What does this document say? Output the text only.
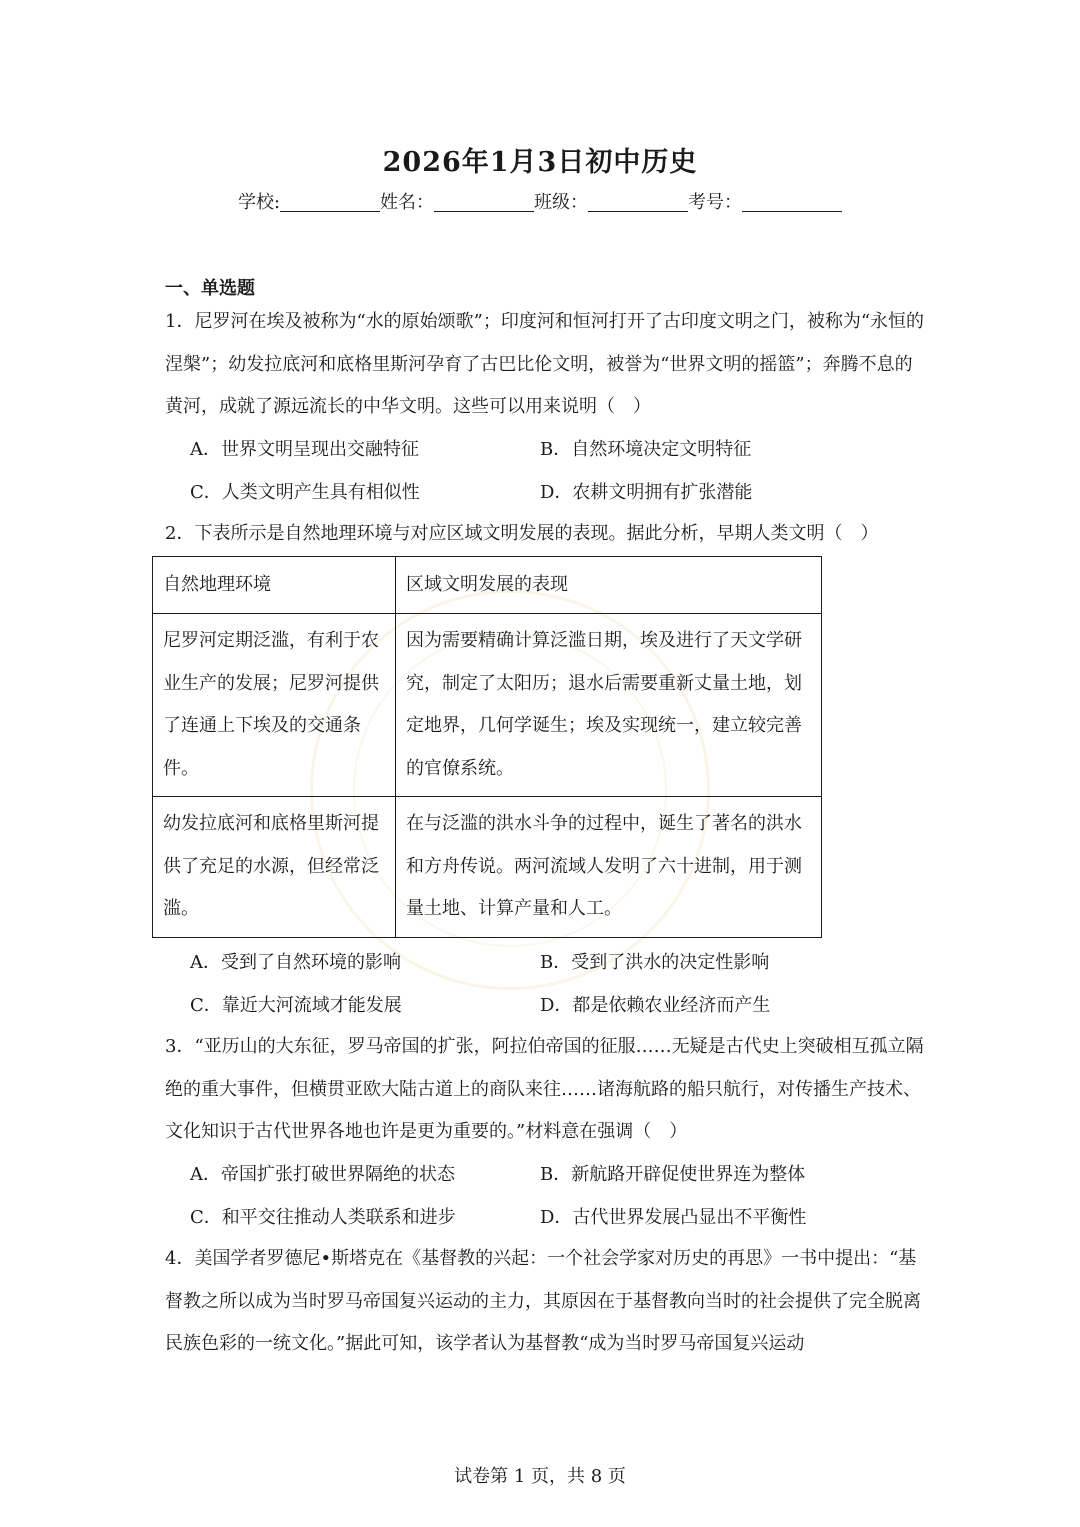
2026年1月3日初中历史
学校:	姓名：	班级：	考号：
一、单选题
1．尼罗河在埃及被称为“水的原始颂歌”；印度河和恒河打开了古印度文明之门，被称为“永恒的涅槃”；幼发拉底河和底格里斯河孕育了古巴比伦文明，被誉为“世界文明的摇篮”；奔腾不息的黄河，成就了源远流长的中华文明。这些可以用来说明（　）
A．世界文明呈现出交融特征	B．自然环境决定文明特征
C．人类文明产生具有相似性	D．农耕文明拥有扩张潜能
2．下表所示是自然地理环境与对应区域文明发展的表现。据此分析，早期人类文明（　）
自然地理环境	区域文明发展的表现
尼罗河定期泛滥，有利于农业生产的发展；尼罗河提供了连通上下埃及的交通条件。	因为需要精确计算泛滥日期，埃及进行了天文学研究，制定了太阳历；退水后需要重新丈量土地，划定地界，几何学诞生；埃及实现统一，建立较完善的官僚系统。
幼发拉底河和底格里斯河提供了充足的水源，但经常泛滥。	在与泛滥的洪水斗争的过程中，诞生了著名的洪水和方舟传说。两河流域人发明了六十进制，用于测量土地、计算产量和人工。
A．受到了自然环境的影响	B．受到了洪水的决定性影响
C．靠近大河流域才能发展	D．都是依赖农业经济而产生
3．“亚历山的大东征，罗马帝国的扩张，阿拉伯帝国的征服……无疑是古代史上突破相互孤立隔绝的重大事件，但横贯亚欧大陆古道上的商队来往……诸海航路的船只航行，对传播生产技术、文化知识于古代世界各地也许是更为重要的。”材料意在强调（　）
A．帝国扩张打破世界隔绝的状态	B．新航路开辟促使世界连为整体
C．和平交往推动人类联系和进步	D．古代世界发展凸显出不平衡性
4．美国学者罗德尼•斯塔克在《基督教的兴起：一个社会学家对历史的再思》一书中提出：“基督教之所以成为当时罗马帝国复兴运动的主力，其原因在于基督教向当时的社会提供了完全脱离民族色彩的一统文化。”据此可知，该学者认为基督教“成为当时罗马帝国复兴运动
试卷第 1 页，共 8 页
